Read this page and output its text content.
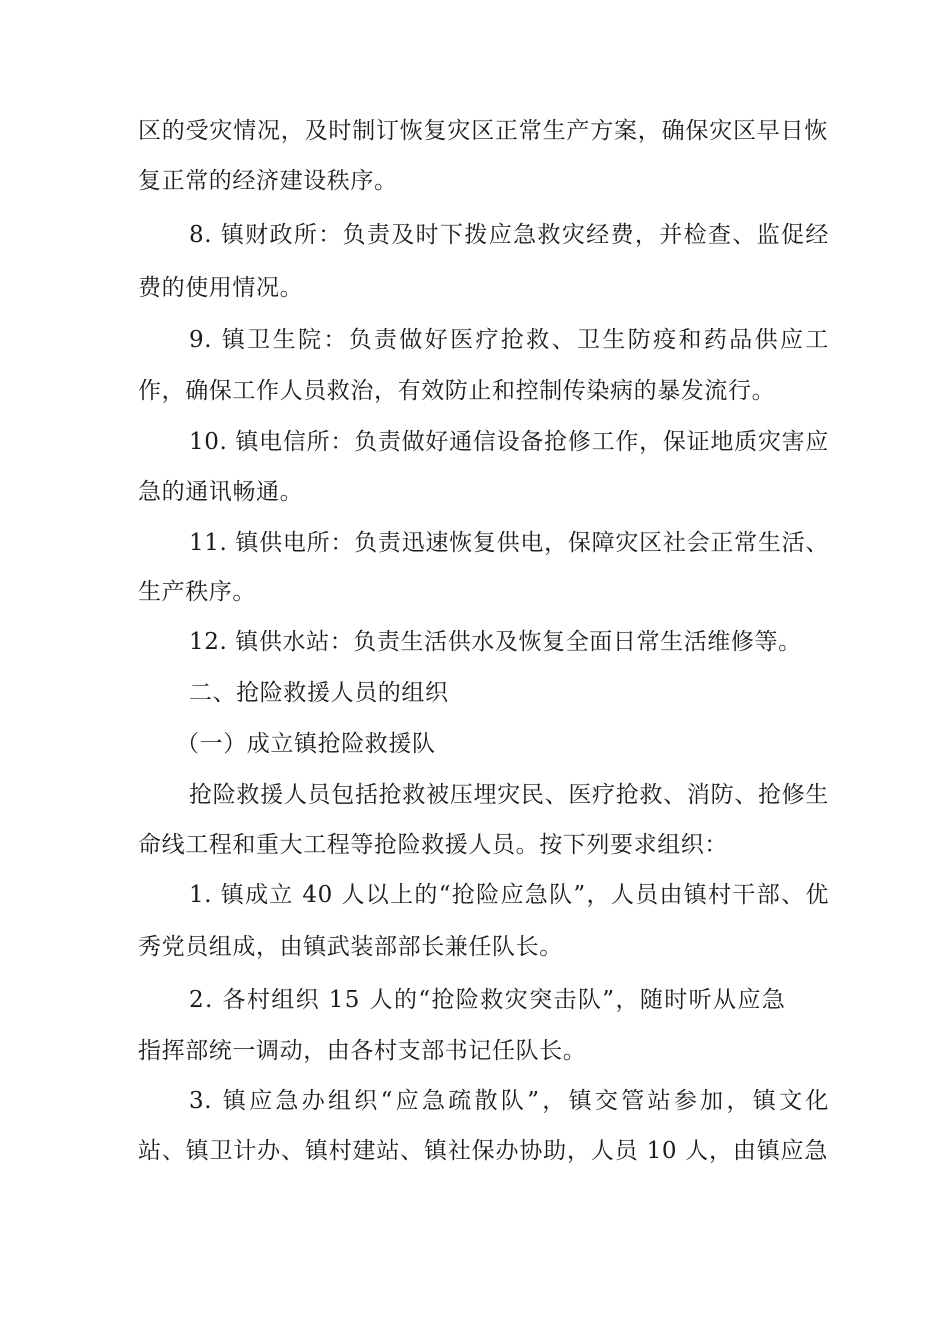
区的受灾情况，及时制订恢复灾区正常生产方案，确保灾区早日恢
复正常的经济建设秩序。
8. 镇财政所：负责及时下拨应急救灾经费，并检查、监促经
费的使用情况。
9. 镇卫生院：负责做好医疗抢救、卫生防疫和药品供应工
作，确保工作人员救治，有效防止和控制传染病的暴发流行。
10. 镇电信所：负责做好通信设备抢修工作，保证地质灾害应
急的通讯畅通。
11. 镇供电所：负责迅速恢复供电，保障灾区社会正常生活、
生产秩序。
12. 镇供水站：负责生活供水及恢复全面日常生活维修等。
二、抢险救援人员的组织
（一）成立镇抢险救援队
抢险救援人员包括抢救被压埋灾民、医疗抢救、消防、抢修生
命线工程和重大工程等抢险救援人员。按下列要求组织：
1. 镇成立 40 人以上的“抢险应急队”，人员由镇村干部、优
秀党员组成，由镇武装部部长兼任队长。
2. 各村组织 15 人的“抢险救灾突击队”，随时听从应急
指挥部统一调动，由各村支部书记任队长。
3. 镇应急办组织“应急疏散队”，镇交管站参加，镇文化
站、镇卫计办、镇村建站、镇社保办协助，人员 10 人，由镇应急
